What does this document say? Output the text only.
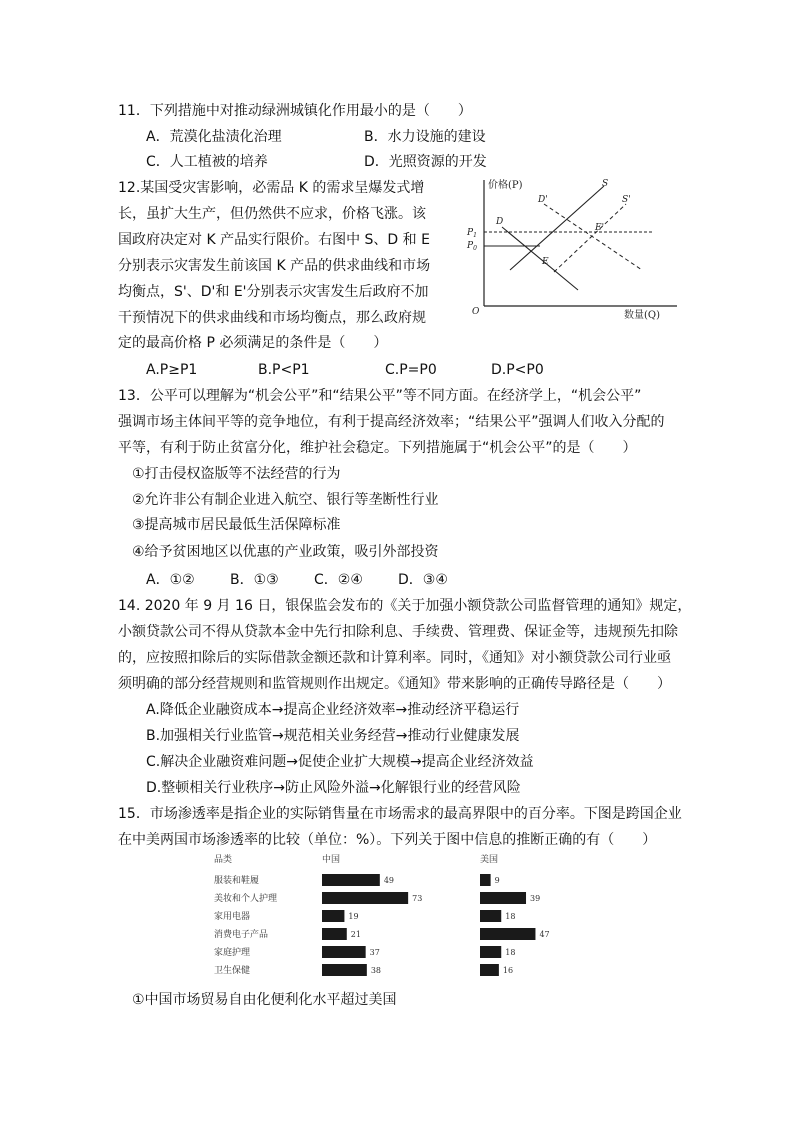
11．下列措施中对推动绿洲城镇化作用最小的是（　　）
A．荒漠化盐渍化治理	B．水力设施的建设
C．人工植被的培养	D．光照资源的开发
12.某国受灾害影响，必需品 K 的需求呈爆发式增
长，虽扩大生产，但仍然供不应求，价格飞涨。该
国政府决定对 K 产品实行限价。右图中 S、D 和 E
分别表示灾害发生前该国 K 产品的供求曲线和市场
均衡点，S'、D'和 E'分别表示灾害发生后政府不加
干预情况下的供求曲线和市场均衡点，那么政府规
定的最高价格 P 必须满足的条件是（　　）
A.P≥P1	B.P<P1	C.P=P0	D.P<P0
价格(P)
数量(Q)
O
$P_1$
$P_0$
S
S'
D
D'
E
E'
13．公平可以理解为“机会公平”和“结果公平”等不同方面。在经济学上，“机会公平”
强调市场主体间平等的竞争地位，有利于提高经济效率；“结果公平”强调人们收入分配的
平等，有利于防止贫富分化，维护社会稳定。下列措施属于“机会公平”的是（　　）
①打击侵权盗版等不法经营的行为
②允许非公有制企业进入航空、银行等垄断性行业
③提高城市居民最低生活保障标准
④给予贫困地区以优惠的产业政策，吸引外部投资
A．①②	B．①③	C．②④	D．③④
14. 2020 年 9 月 16 日，银保监会发布的《关于加强小额贷款公司监督管理的通知》规定，
小额贷款公司不得从贷款本金中先行扣除利息、手续费、管理费、保证金等，违规预先扣除
的，应按照扣除后的实际借款金额还款和计算利率。同时，《通知》对小额贷款公司行业亟
须明确的部分经营规则和监管规则作出规定。《通知》带来影响的正确传导路径是（　　）
A.降低企业融资成本→提高企业经济效率→推动经济平稳运行
B.加强相关行业监管→规范相关业务经营→推动行业健康发展
C.解决企业融资难问题→促使企业扩大规模→提高企业经济效益
D.整顿相关行业秩序→防止风险外溢→化解银行业的经营风险
15．市场渗透率是指企业的实际销售量在市场需求的最高界限中的百分率。下图是跨国企业
在中美两国市场渗透率的比较（单位：%）。下列关于图中信息的推断正确的有（　　）
品类	中国	美国
服装和鞋履	49	9
美妆和个人护理	73	39
家用电器	19	18
消费电子产品	21	47
家庭护理	37	18
卫生保健	38	16
①中国市场贸易自由化便利化水平超过美国
